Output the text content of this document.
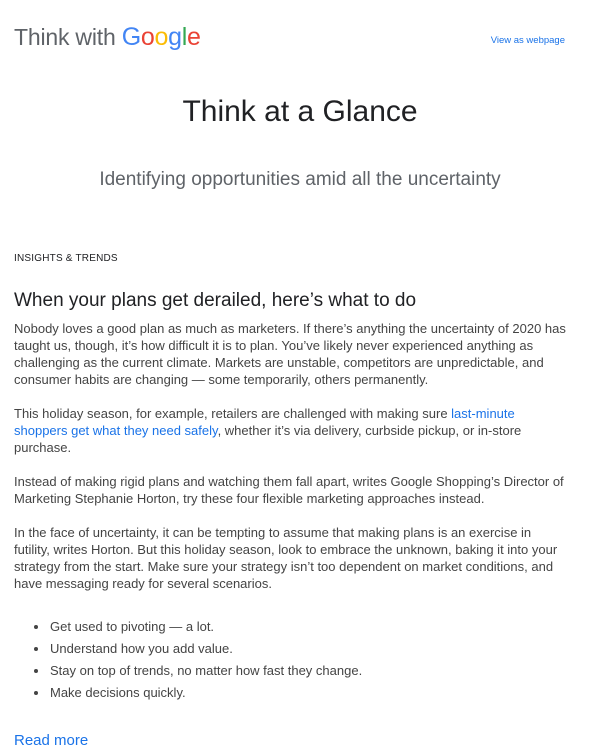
Think with Google	View as webpage
Think at a Glance
Identifying opportunities amid all the uncertainty

INSIGHTS & TRENDS

When your plans get derailed, here’s what to do

Nobody loves a good plan as much as marketers. If there’s anything the uncertainty of 2020 has taught us, though, it’s how difficult it is to plan. You’ve likely never experienced anything as challenging as the current climate. Markets are unstable, competitors are unpredictable, and consumer habits are changing — some temporarily, others permanently.

This holiday season, for example, retailers are challenged with making sure last-minute shoppers get what they need safely, whether it’s via delivery, curbside pickup, or in-store purchase.

Instead of making rigid plans and watching them fall apart, writes Google Shopping’s Director of Marketing Stephanie Horton, try these four flexible marketing approaches instead.

In the face of uncertainty, it can be tempting to assume that making plans is an exercise in futility, writes Horton. But this holiday season, look to embrace the unknown, baking it into your strategy from the start. Make sure your strategy isn’t too dependent on market conditions, and have messaging ready for several scenarios.

Get used to pivoting — a lot.
Understand how you add value.
Stay on top of trends, no matter how fast they change.
Make decisions quickly.
Read more
